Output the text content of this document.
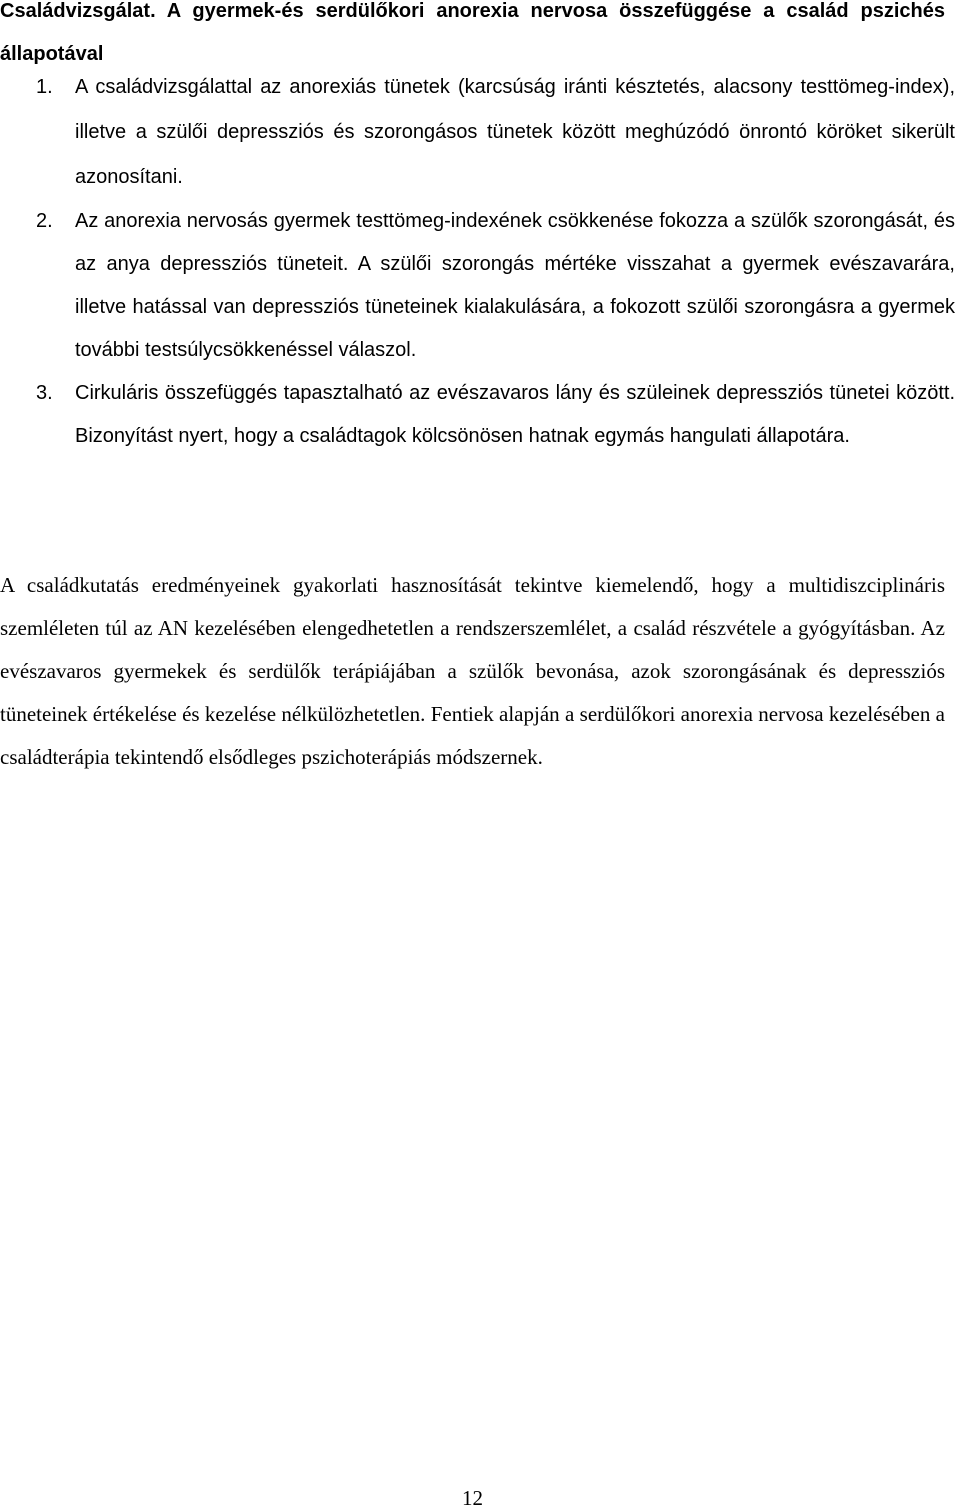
Családvizsgálat. A gyermek-és serdülőkori anorexia nervosa összefüggése a család pszichés állapotával
1. A családvizsgálattal az anorexiás tünetek (karcsúság iránti késztetés, alacsony testtömeg-index), illetve a szülői depressziós és szorongásos tünetek között meghúzódó önrontó köröket sikerült azonosítani.
2. Az anorexia nervosás gyermek testtömeg-indexének csökkenése fokozza a szülők szorongását, és az anya depressziós tüneteit. A szülői szorongás mértéke visszahat a gyermek evészavarára, illetve hatással van depressziós tüneteinek kialakulására, a fokozott szülői szorongásra a gyermek további testsúlycsökkenéssel válaszol.
3. Cirkuláris összefüggés tapasztalható az evészavaros lány és szüleinek depressziós tünetei között. Bizonyítást nyert, hogy a családtagok kölcsönösen hatnak egymás hangulati állapotára.

A családkutatás eredményeinek gyakorlati hasznosítását tekintve kiemelendő, hogy a multidiszciplináris szemléleten túl az AN kezelésében elengedhetetlen a rendszerszemlélet, a család részvétele a gyógyításban. Az evészavaros gyermekek és serdülők terápiájában a szülők bevonása, azok szorongásának és depressziós tüneteinek értékelése és kezelése nélkülözhetetlen. Fentiek alapján a serdülőkori anorexia nervosa kezelésében a családterápia tekintendő elsődleges pszichoterápiás módszernek.

12
